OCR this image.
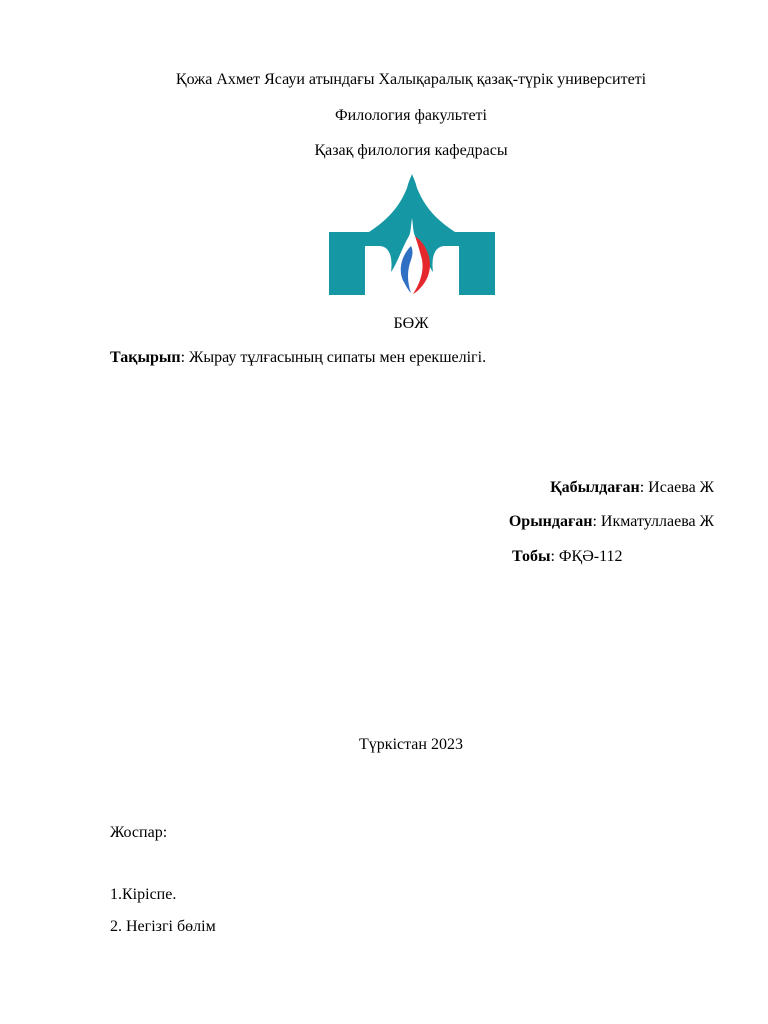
Қожа Ахмет Ясауи атындағы Халықаралық қазақ-түрік университеті
Филология факультеті
Қазақ филология кафедрасы
БӨЖ
Тақырып: Жырау тұлғасының сипаты мен ерекшелігі.
Қабылдаған: Исаева Ж
Орындаған: Икматуллаева Ж
Тобы: ФҚӘ-112
Түркістан 2023
Жоспар:
1.Кіріспе.
2. Негізгі бөлім
